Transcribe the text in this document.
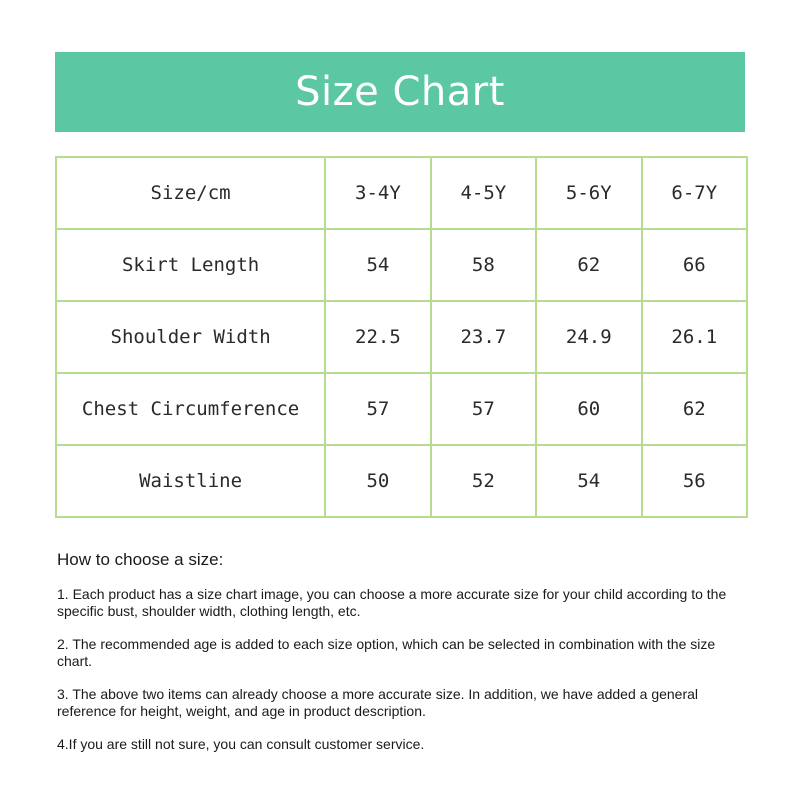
Size Chart
Size/cm	3-4Y	4-5Y	5-6Y	6-7Y
Skirt Length	54	58	62	66
Shoulder Width	22.5	23.7	24.9	26.1
Chest Circumference	57	57	60	62
Waistline	50	52	54	56

How to choose a size:

1. Each product has a size chart image, you can choose a more accurate size for your child according to the specific bust, shoulder width, clothing length, etc.

2. The recommended age is added to each size option, which can be selected in combination with the size chart.

3. The above two items can already choose a more accurate size. In addition, we have added a general reference for height, weight, and age in product description.

4.If you are still not sure, you can consult customer service.
